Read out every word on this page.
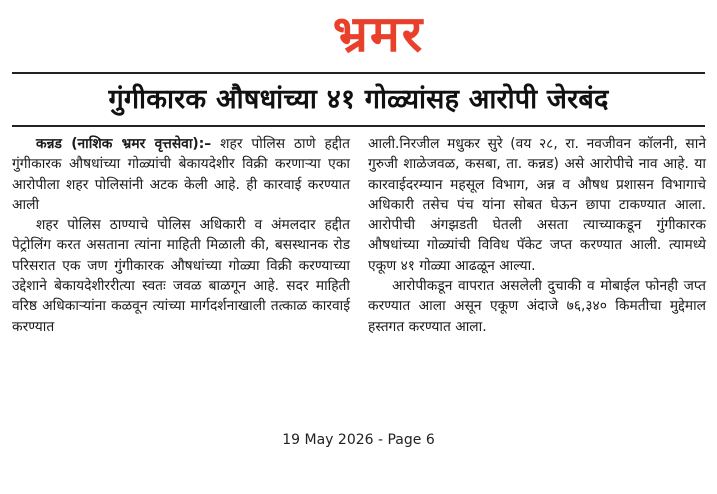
भ्रमर
गुंगीकारक औषधांच्या ४१ गोळ्यांसह आरोपी जेरबंद

कन्नड (नाशिक भ्रमर वृत्तसेवा):– शहर पोलिस ठाणे हद्दीत गुंगीकारक औषधांच्या गोळ्यांची बेकायदेशीर विक्री करणाऱ्या एका आरोपीला शहर पोलिसांनी अटक केली आहे. ही कारवाई करण्यात आली

शहर पोलिस ठाण्याचे पोलिस अधिकारी व अंमलदार हद्दीत पेट्रोलिंग करत असताना त्यांना माहिती मिळाली की, बसस्थानक रोड परिसरात एक जण गुंगीकारक औषधांच्या गोळ्या विक्री करण्याच्या उद्देशाने बेकायदेशीररीत्या स्वतः जवळ बाळगून आहे. सदर माहिती वरिष्ठ अधिकाऱ्यांना कळवून त्यांच्या मार्गदर्शनाखाली तत्काळ कारवाई करण्यात

आली.निरजील मधुकर सुरे (वय २८, रा. नवजीवन कॉलनी, साने गुरुजी शाळेजवळ, कसबा, ता. कन्नड) असे आरोपीचे नाव आहे. या कारवाईदरम्यान महसूल विभाग, अन्न व औषध प्रशासन विभागाचे अधिकारी तसेच पंच यांना सोबत घेऊन छापा टाकण्यात आला. आरोपीची अंगझडती घेतली असता त्याच्याकडून गुंगीकारक औषधांच्या गोळ्यांची विविध पॅकेट जप्त करण्यात आली. त्यामध्ये एकूण ४१ गोळ्या आढळून आल्या.

आरोपीकडून वापरात असलेली दुचाकी व मोबाईल फोनही जप्त करण्यात आला असून एकूण अंदाजे ७६,३४० किमतीचा मुद्देमाल हस्तगत करण्यात आला.

19 May 2026 - Page 6
